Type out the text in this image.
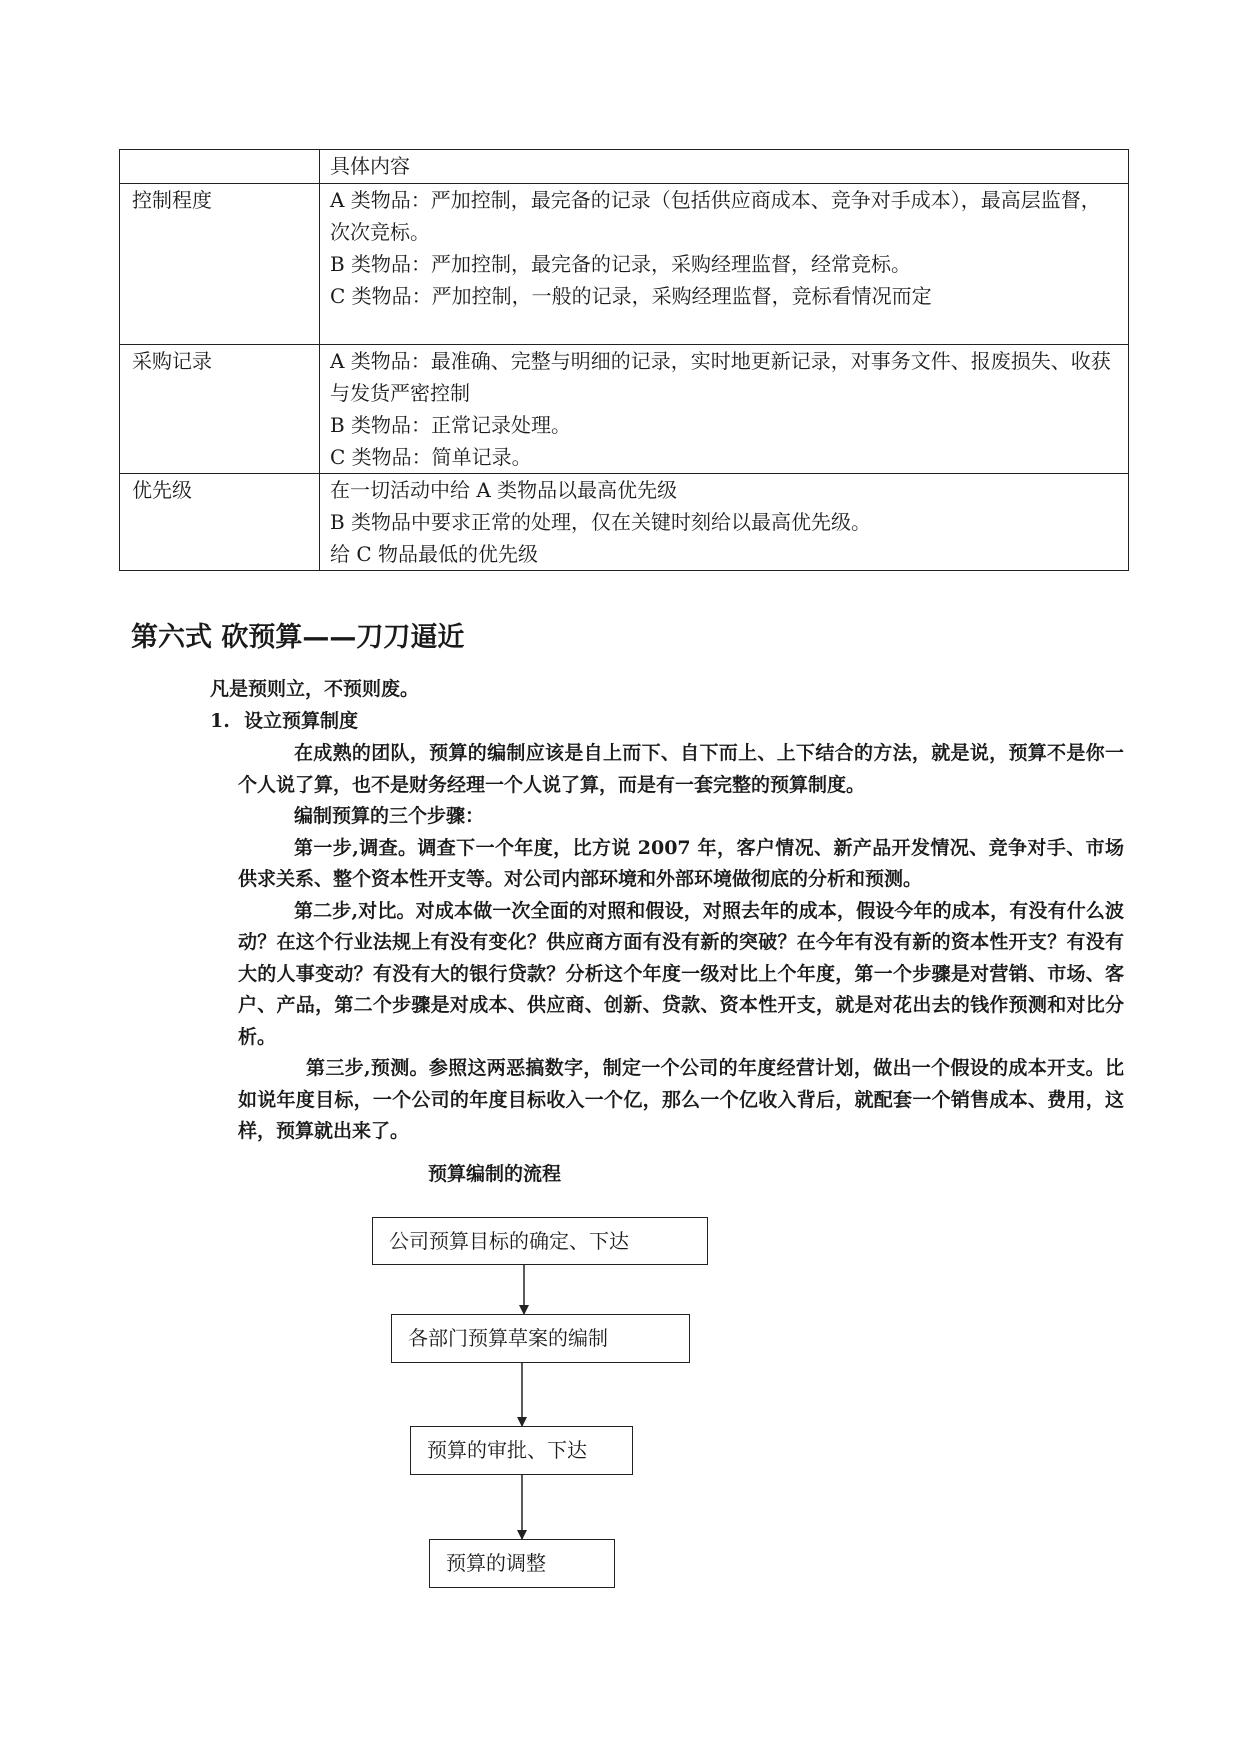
	具体内容
控制程度	A 类物品：严加控制，最完备的记录（包括供应商成本、竞争对手成本），最高层监督，次次竞标。

B 类物品：严加控制，最完备的记录，采购经理监督，经常竞标。

C 类物品：严加控制，一般的记录，采购经理监督，竞标看情况而定

采购记录	A 类物品：最准确、完整与明细的记录，实时地更新记录，对事务文件、报废损失、收获与发货严密控制

B 类物品：正常记录处理。

C 类物品：简单记录。

优先级	在一切活动中给 A 类物品以最高优先级

B 类物品中要求正常的处理，仅在关键时刻给以最高优先级。

给 C 物品最低的优先级

第六式 砍预算——刀刀逼近

凡是预则立，不预则废。

1. 设立预算制度

在成熟的团队，预算的编制应该是自上而下、自下而上、上下结合的方法，就是说，预算不是你一个人说了算，也不是财务经理一个人说了算，而是有一套完整的预算制度。

编制预算的三个步骤：

第一步,调查。调查下一个年度，比方说 2007 年，客户情况、新产品开发情况、竞争对手、市场供求关系、整个资本性开支等。对公司内部环境和外部环境做彻底的分析和预测。

第二步,对比。对成本做一次全面的对照和假设，对照去年的成本，假设今年的成本，有没有什么波动？在这个行业法规上有没有变化？供应商方面有没有新的突破？在今年有没有新的资本性开支？有没有大的人事变动？有没有大的银行贷款？分析这个年度一级对比上个年度，第一个步骤是对营销、市场、客户、产品，第二个步骤是对成本、供应商、创新、贷款、资本性开支，就是对花出去的钱作预测和对比分析。

第三步,预测。参照这两恶搞数字，制定一个公司的年度经营计划，做出一个假设的成本开支。比如说年度目标，一个公司的年度目标收入一个亿，那么一个亿收入背后，就配套一个销售成本、费用，这样，预算就出来了。

预算编制的流程

公司预算目标的确定、下达
各部门预算草案的编制
预算的审批、下达
预算的调整
